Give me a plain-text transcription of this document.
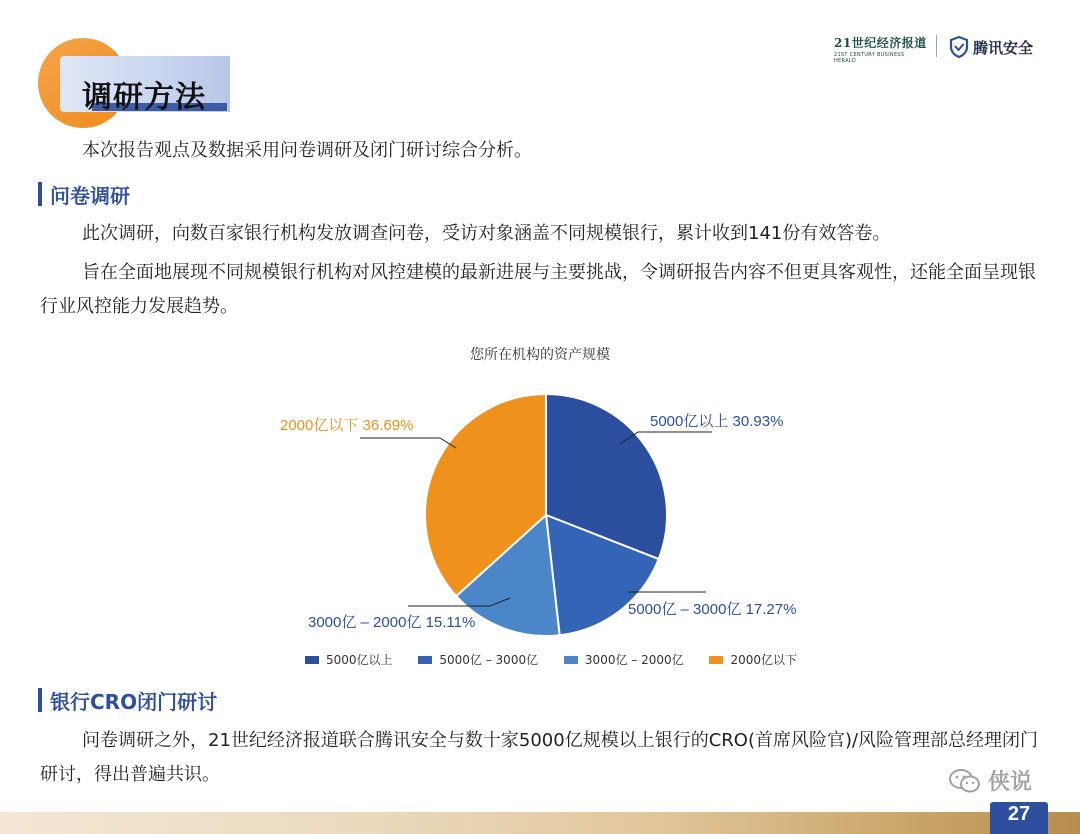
调研方法
21世纪经济报道
21ST CENTURY BUSINESS HERALD
腾讯安全
本次报告观点及数据采用问卷调研及闭门研讨综合分析。
问卷调研
此次调研，向数百家银行机构发放调查问卷，受访对象涵盖不同规模银行，累计收到141份有效答卷。
旨在全面地展现不同规模银行机构对风控建模的最新进展与主要挑战，令调研报告内容不但更具客观性，还能全面呈现银行业风控能力发展趋势。
您所在机构的资产规模
5000亿以上 30.93%
5000亿 – 3000亿 17.27%
3000亿 – 2000亿 15.11%
2000亿以下 36.69%
5000亿以上
	5000亿 – 3000亿
	3000亿 – 2000亿
	2000亿以下
银行CRO闭门研讨
问卷调研之外，21世纪经济报道联合腾讯安全与数十家5000亿规模以上银行的CRO(首席风险官)/风险管理部总经理闭门研讨，得出普遍共识。	侠说
27
